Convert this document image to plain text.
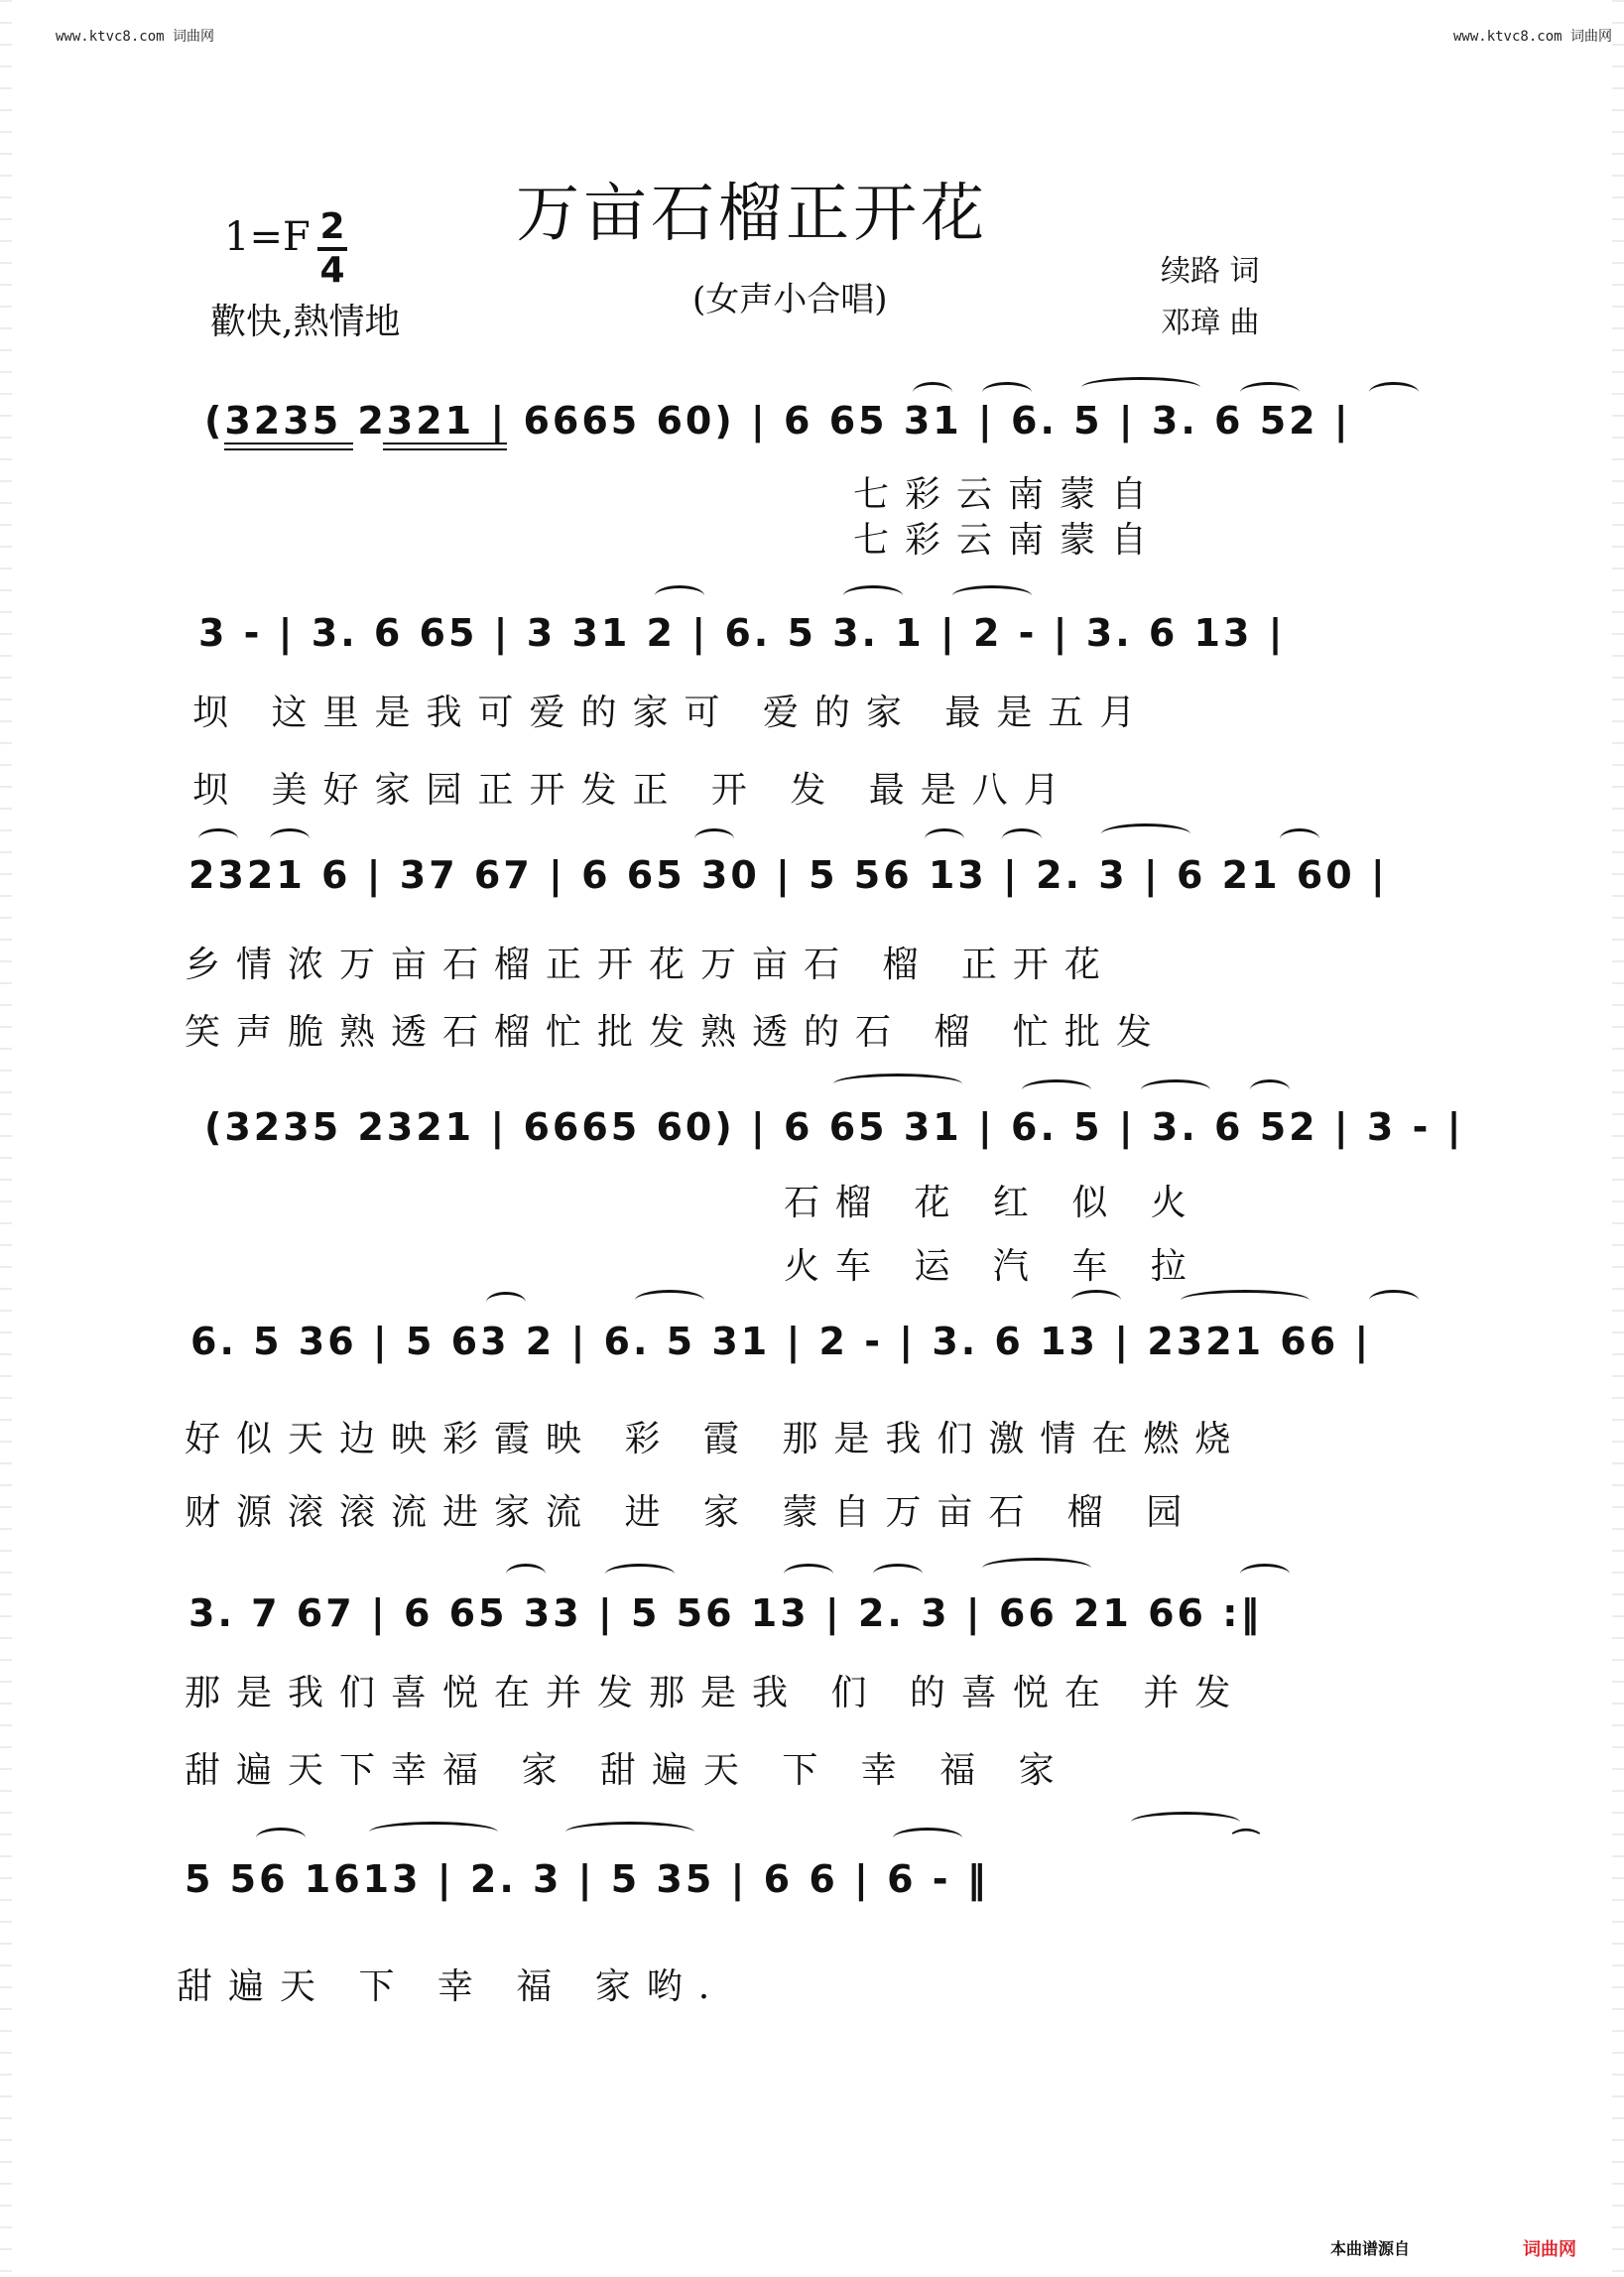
www.ktvc8.com 词曲网	www.ktvc8.com 词曲网
万亩石榴正开花
(女声小合唱)
1=F 2
4
歡快,熱情地
续路 词
邓璋 曲
(3235 2321 | 6665 60) | 6 65 31 | 6. 5 | 3. 6 52 |
七彩云南蒙自
七彩云南蒙自
3 - | 3. 6 65 | 3 31 2 | 6. 5 3. 1 | 2 - | 3. 6 13 |
坝 这里是我可爱的家可 爱的家 最是五月
坝 美好家园正开发正 开 发 最是八月
2321 6 | 37 67 | 6 65 30 | 5 56 13 | 2. 3 | 6 21 60 |
乡情浓万亩石榴正开花万亩石 榴 正开花
笑声脆熟透石榴忙批发熟透的石 榴 忙批发
(3235 2321 | 6665 60) | 6 65 31 | 6. 5 | 3. 6 52 | 3 - |
石榴 花 红 似 火
火车 运 汽 车 拉
6. 5 36 | 5 63 2 | 6. 5 31 | 2 - | 3. 6 13 | 2321 66 |
好似天边映彩霞映 彩 霞 那是我们激情在燃烧
财源滚滚流进家流 进 家 蒙自万亩石 榴 园
3. 7 67 | 6 65 33 | 5 56 13 | 2. 3 | 66 21 66 :‖
那是我们喜悦在并发那是我 们 的喜悦在 并发
甜遍天下幸福 家 甜遍天 下 幸 福 家
5 56 1613 | 2. 3 | 5 35 | 6 6 | 6 - ‖
⌒
甜遍天 下 幸 福 家哟.
本曲谱源自	词曲网
